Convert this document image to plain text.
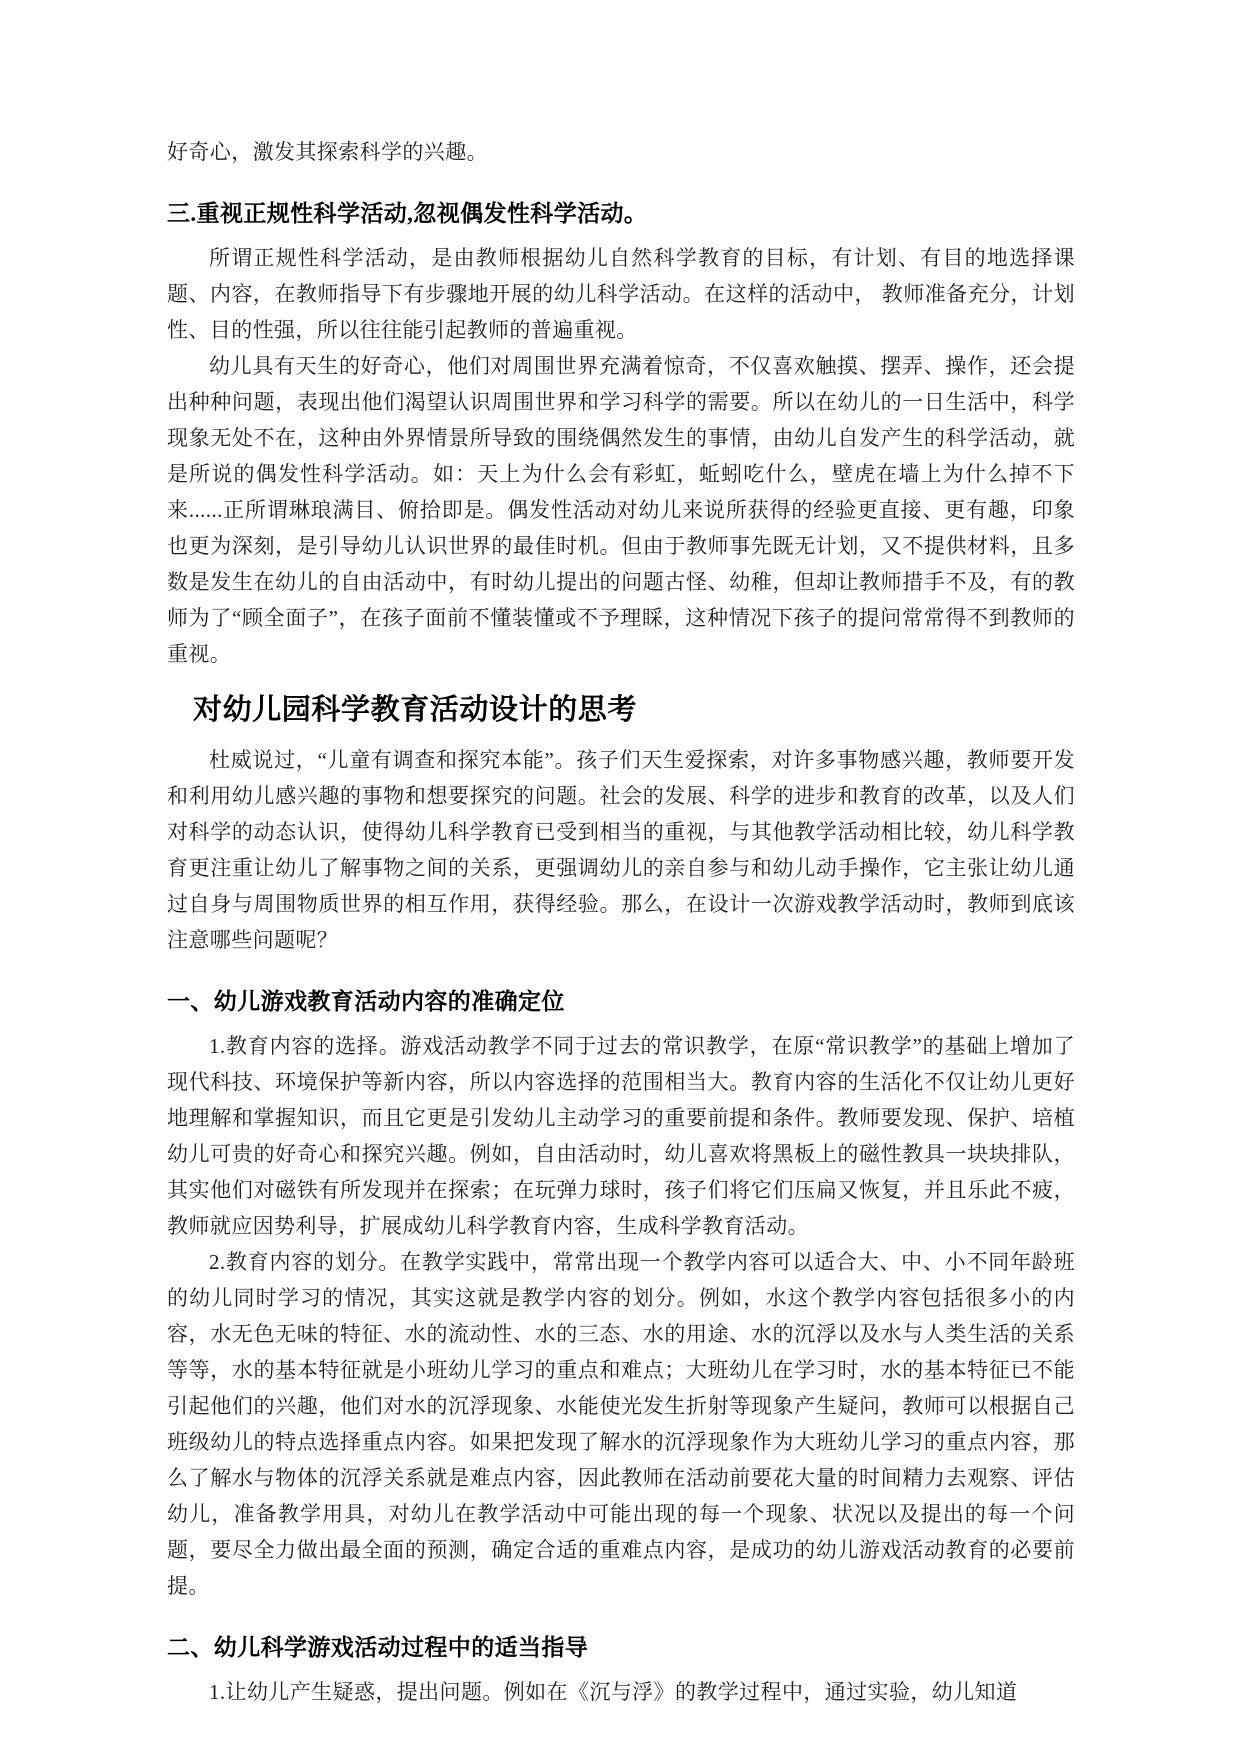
好奇心，激发其探索科学的兴趣。

三.重视正规性科学活动,忽视偶发性科学活动。

所谓正规性科学活动，是由教师根据幼儿自然科学教育的目标，有计划、有目的地选择课题、内容，在教师指导下有步骤地开展的幼儿科学活动。在这样的活动中， 教师准备充分，计划性、目的性强，所以往往能引起教师的普遍重视。

幼儿具有天生的好奇心，他们对周围世界充满着惊奇，不仅喜欢触摸、摆弄、操作，还会提出种种问题，表现出他们渴望认识周围世界和学习科学的需要。所以在幼儿的一日生活中，科学现象无处不在，这种由外界情景所导致的围绕偶然发生的事情，由幼儿自发产生的科学活动，就是所说的偶发性科学活动。如：天上为什么会有彩虹，蚯蚓吃什么，壁虎在墙上为什么掉不下来......正所谓琳琅满目、俯拾即是。偶发性活动对幼儿来说所获得的经验更直接、更有趣，印象也更为深刻，是引导幼儿认识世界的最佳时机。但由于教师事先既无计划，又不提供材料，且多数是发生在幼儿的自由活动中，有时幼儿提出的问题古怪、幼稚，但却让教师措手不及，有的教师为了“顾全面子”，在孩子面前不懂装懂或不予理睬，这种情况下孩子的提问常常得不到教师的重视。

对幼儿园科学教育活动设计的思考

杜威说过，“儿童有调查和探究本能”。孩子们天生爱探索，对许多事物感兴趣，教师要开发和利用幼儿感兴趣的事物和想要探究的问题。社会的发展、科学的进步和教育的改革，以及人们对科学的动态认识，使得幼儿科学教育已受到相当的重视，与其他教学活动相比较，幼儿科学教育更注重让幼儿了解事物之间的关系，更强调幼儿的亲自参与和幼儿动手操作，它主张让幼儿通过自身与周围物质世界的相互作用，获得经验。那么，在设计一次游戏教学活动时，教师到底该注意哪些问题呢？

一、幼儿游戏教育活动内容的准确定位

1.教育内容的选择。游戏活动教学不同于过去的常识教学，在原“常识教学”的基础上增加了现代科技、环境保护等新内容，所以内容选择的范围相当大。教育内容的生活化不仅让幼儿更好地理解和掌握知识，而且它更是引发幼儿主动学习的重要前提和条件。教师要发现、保护、培植幼儿可贵的好奇心和探究兴趣。例如，自由活动时，幼儿喜欢将黑板上的磁性教具一块块排队，其实他们对磁铁有所发现并在探索；在玩弹力球时，孩子们将它们压扁又恢复，并且乐此不疲，教师就应因势利导，扩展成幼儿科学教育内容，生成科学教育活动。

2.教育内容的划分。在教学实践中，常常出现一个教学内容可以适合大、中、小不同年龄班的幼儿同时学习的情况，其实这就是教学内容的划分。例如，水这个教学内容包括很多小的内容，水无色无味的特征、水的流动性、水的三态、水的用途、水的沉浮以及水与人类生活的关系等等，水的基本特征就是小班幼儿学习的重点和难点；大班幼儿在学习时，水的基本特征已不能引起他们的兴趣，他们对水的沉浮现象、水能使光发生折射等现象产生疑问，教师可以根据自己班级幼儿的特点选择重点内容。如果把发现了解水的沉浮现象作为大班幼儿学习的重点内容，那么了解水与物体的沉浮关系就是难点内容，因此教师在活动前要花大量的时间精力去观察、评估幼儿，准备教学用具，对幼儿在教学活动中可能出现的每一个现象、状况以及提出的每一个问题，要尽全力做出最全面的预测，确定合适的重难点内容，是成功的幼儿游戏活动教育的必要前提。

二、幼儿科学游戏活动过程中的适当指导

1.让幼儿产生疑惑，提出问题。例如在《沉与浮》的教学过程中，通过实验，幼儿知道
